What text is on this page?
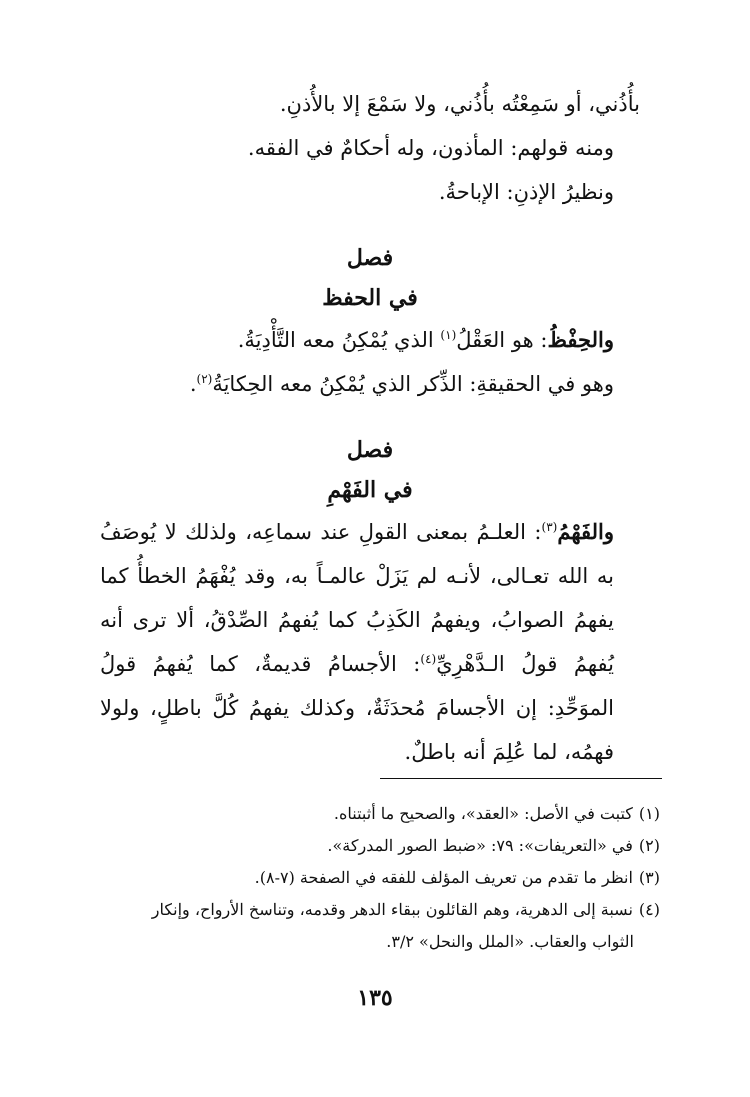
بأُذُني، أو سَمِعْتُه بأُذُني، ولا سَمْعَ إلا بالأُذنِ.

ومنه قولهم: المأذون، وله أحكامٌ في الفقه.

ونظيرُ الإذنِ: الإباحةُ.

فصل

في الحفظ

والحِفْظُ: هو العَقْلُ$^{(١)}$ الذي يُمْكِنُ معه التَّأْدِيَةُ.

وهو في الحقيقةِ: الذِّكر الذي يُمْكِنُ معه الحِكايَةُ$^{(٢)}$.

فصل

في الفَهْمِ

والفَهْمُ$^{(٣)}$: العلـمُ بمعنى القولِ عند سماعِه، ولذلك لا يُوصَفُ به الله تعـالى، لأنـه لم يَزَلْ عالمـاً به، وقد يُفْهَمُ الخطأُ كما يفهمُ الصوابُ، ويفهمُ الكَذِبُ كما يُفهمُ الصِّدْقُ، ألا ترى أنه يُفهمُ قولُ الـدَّهْرِيِّ$^{(٤)}$: الأجسامُ قديمةٌ، كما يُفهمُ قولُ الموَحِّدِ: إن الأجسامَ مُحدَثَةٌ، وكذلك يفهمُ كُلَّ باطلٍ، ولولا فهمُه، لما عُلِمَ أنه باطلٌ.

(١)كتبت في الأصل: «العقد»، والصحيح ما أثبتناه.

(٢)في «التعريفات»: ٧٩: «ضبط الصور المدركة».

(٣)انظر ما تقدم من تعريف المؤلف للفقه في الصفحة (٧-٨).

(٤)نسبة إلى الدهرية، وهم القائلون ببقاء الدهر وقدمه، وتناسخ الأرواح، وإنكار

الثواب والعقاب. «الملل والنحل» ٣/٢.

١٣٥
